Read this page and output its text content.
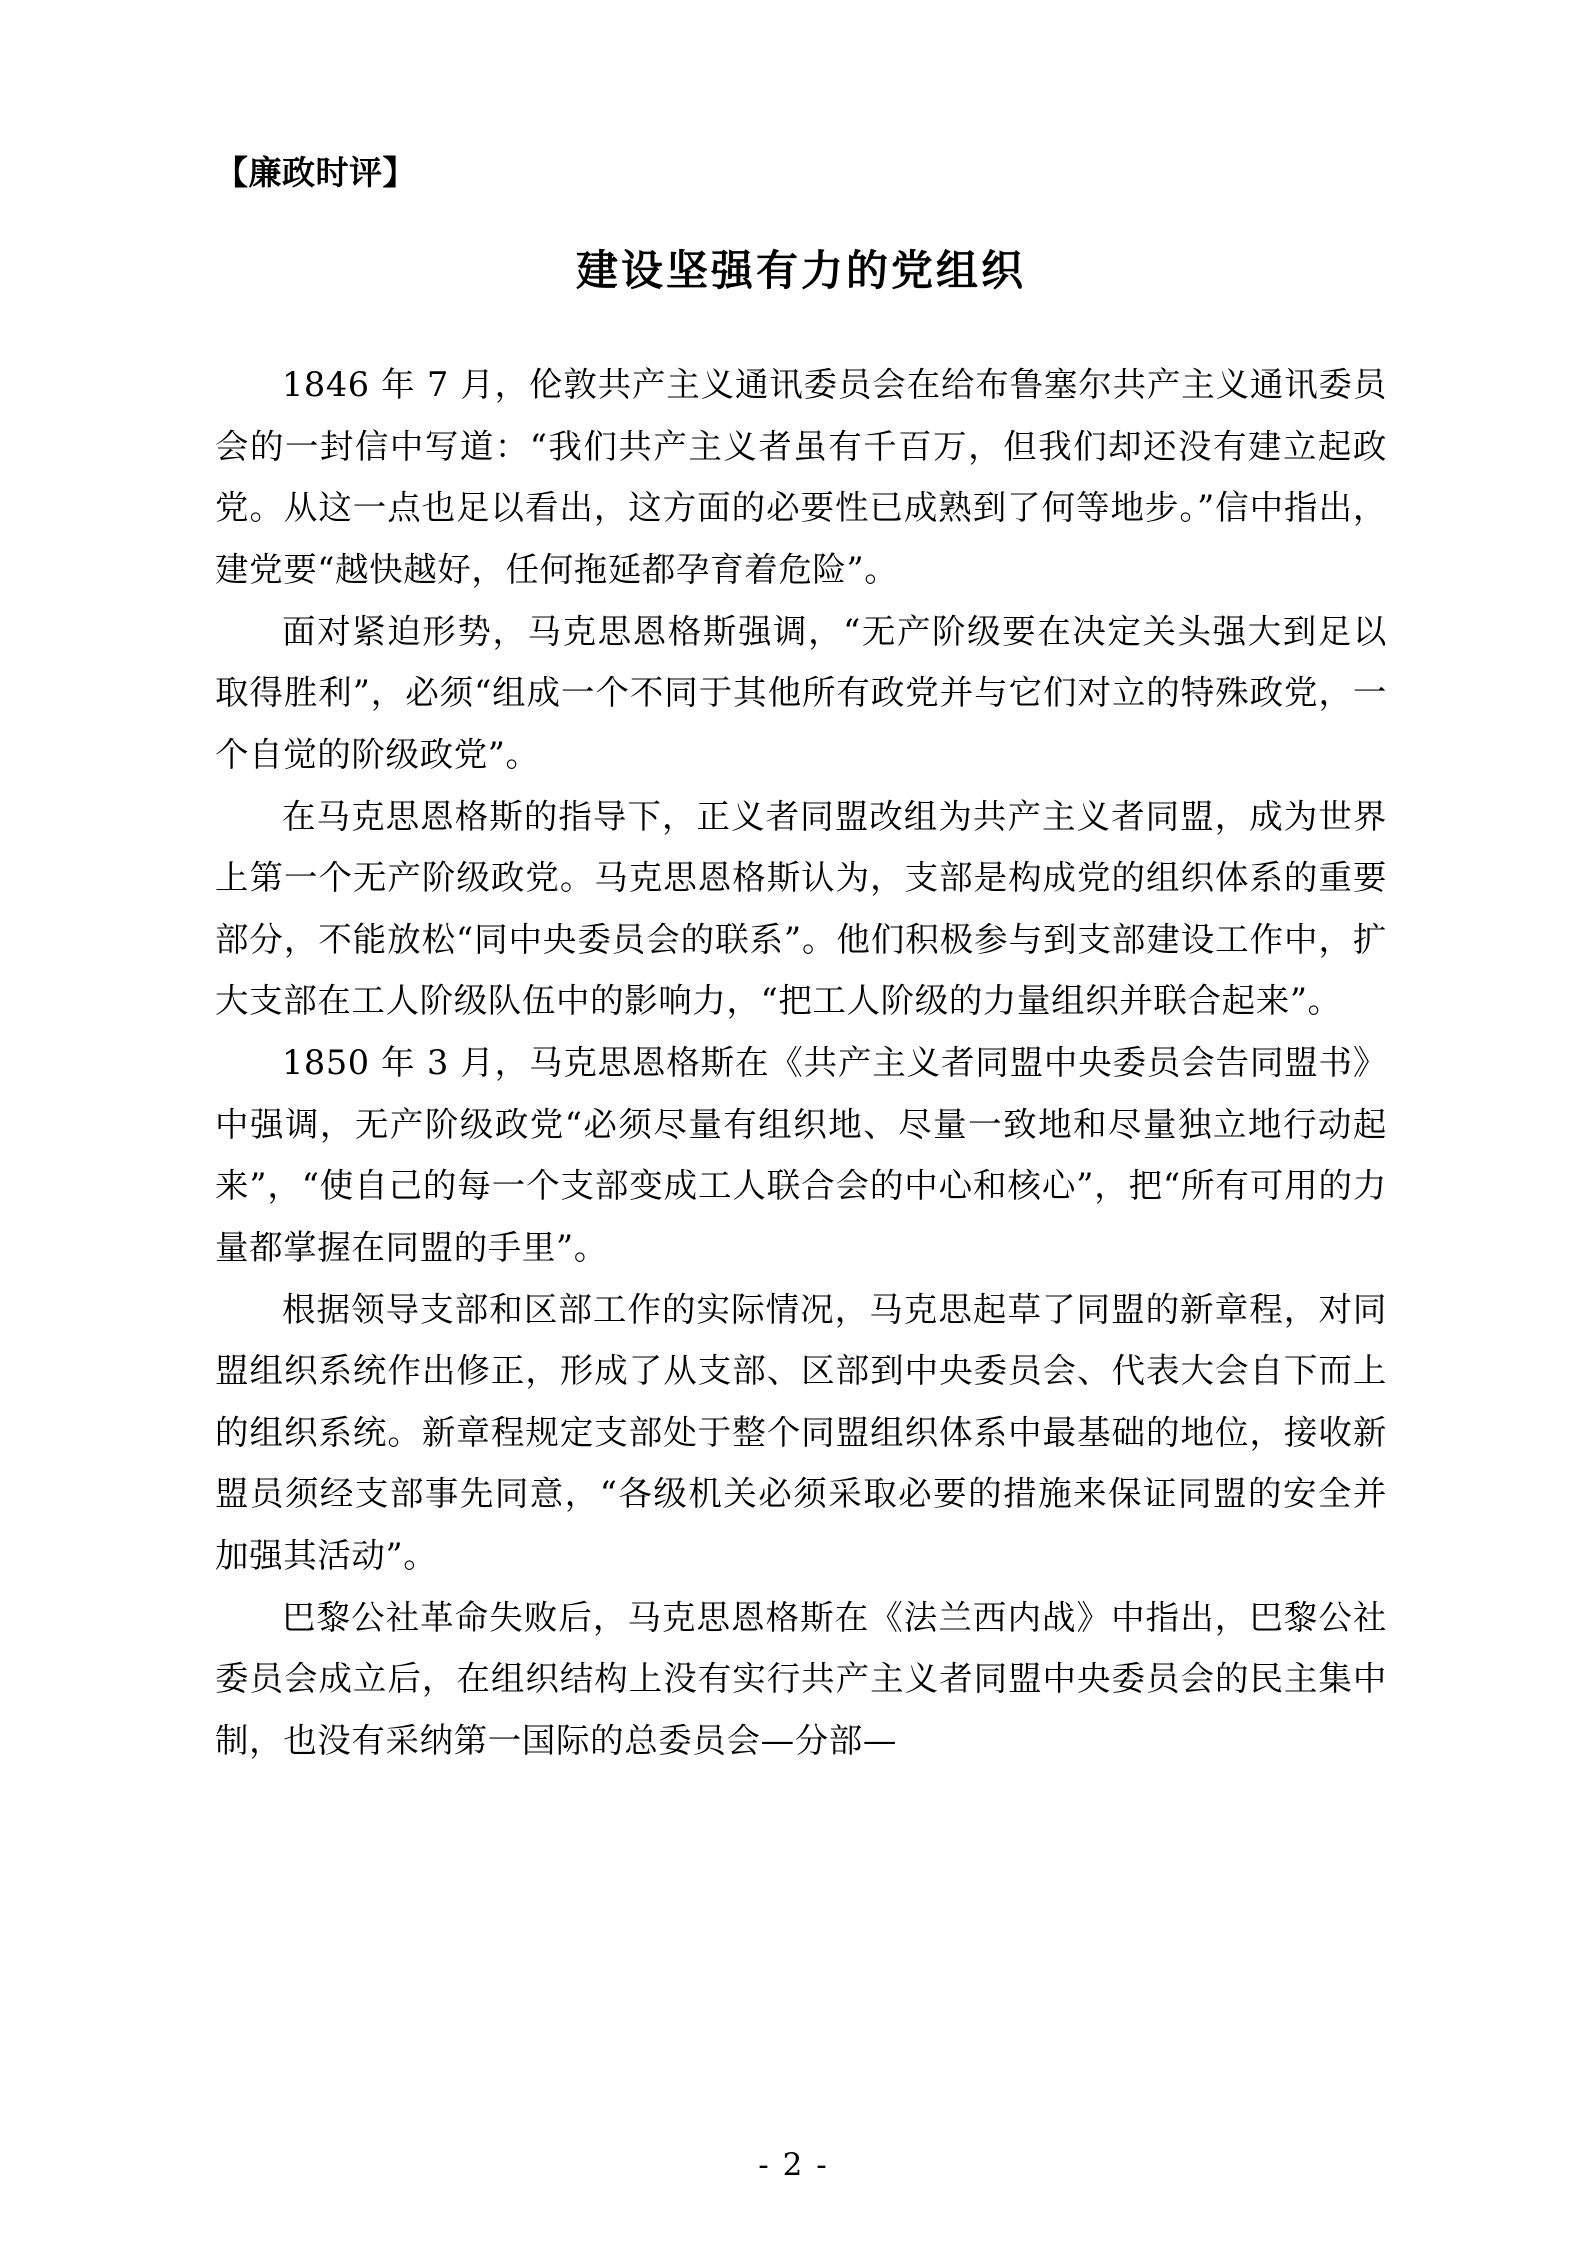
【廉政时评】
建设坚强有力的党组织

1846 年 7 月，伦敦共产主义通讯委员会在给布鲁塞尔共产主义通讯委员会的一封信中写道：“我们共产主义者虽有千百万，但我们却还没有建立起政党。从这一点也足以看出，这方面的必要性已成熟到了何等地步。”信中指出，建党要“越快越好，任何拖延都孕育着危险”。

面对紧迫形势，马克思恩格斯强调，“无产阶级要在决定关头强大到足以取得胜利”，必须“组成一个不同于其他所有政党并与它们对立的特殊政党，一个自觉的阶级政党”。

在马克思恩格斯的指导下，正义者同盟改组为共产主义者同盟，成为世界上第一个无产阶级政党。马克思恩格斯认为，支部是构成党的组织体系的重要部分，不能放松“同中央委员会的联系”。他们积极参与到支部建设工作中，扩大支部在工人阶级队伍中的影响力，“把工人阶级的力量组织并联合起来”。

1850 年 3 月，马克思恩格斯在《共产主义者同盟中央委员会告同盟书》中强调，无产阶级政党“必须尽量有组织地、尽量一致地和尽量独立地行动起来”，“使自己的每一个支部变成工人联合会的中心和核心”，把“所有可用的力量都掌握在同盟的手里”。

根据领导支部和区部工作的实际情况，马克思起草了同盟的新章程，对同盟组织系统作出修正，形成了从支部、区部到中央委员会、代表大会自下而上的组织系统。新章程规定支部处于整个同盟组织体系中最基础的地位，接收新盟员须经支部事先同意，“各级机关必须采取必要的措施来保证同盟的安全并加强其活动”。

巴黎公社革命失败后，马克思恩格斯在《法兰西内战》中指出，巴黎公社委员会成立后，在组织结构上没有实行共产主义者同盟中央委员会的民主集中制，也没有采纳第一国际的总委员会—分部—

- 2 -
